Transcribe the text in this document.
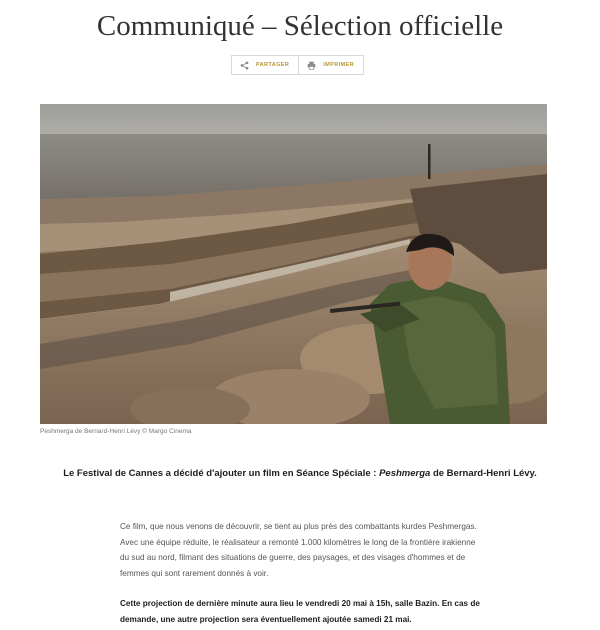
Communiqué – Sélection officielle
PARTAGER	IMPRIMER
Peshmerga de Bernard-Henri Lévy © Margo Cinema

Le Festival de Cannes a décidé d'ajouter un film en Séance Spéciale : Peshmerga de Bernard-Henri Lévy.

Ce film, que nous venons de découvrir, se tient au plus près des combattants kurdes Peshmergas. Avec une équipe réduite, le réalisateur a remonté 1.000 kilomètres le long de la frontière irakienne du sud au nord, filmant des situations de guerre, des paysages, et des visages d'hommes et de femmes qui sont rarement donnés à voir.

Cette projection de dernière minute aura lieu le vendredi 20 mai à 15h, salle Bazin. En cas de demande, une autre projection sera éventuellement ajoutée samedi 21 mai.
